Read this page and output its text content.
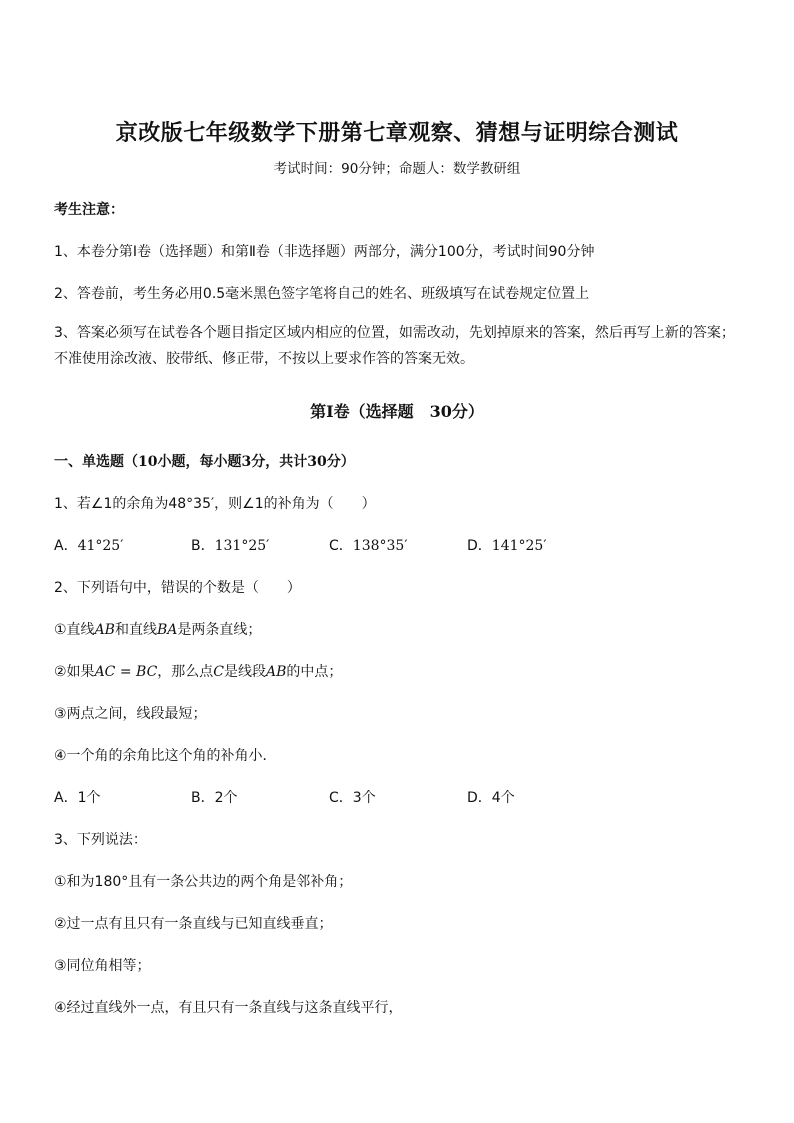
京改版七年级数学下册第七章观察、猜想与证明综合测试
考试时间：90分钟；命题人：数学教研组
考生注意：
1、本卷分第Ⅰ卷（选择题）和第Ⅱ卷（非选择题）两部分，满分100分，考试时间90分钟
2、答卷前，考生务必用0.5毫米黑色签字笔将自己的姓名、班级填写在试卷规定位置上
3、答案必须写在试卷各个题目指定区域内相应的位置，如需改动，先划掉原来的答案，然后再写上新的答案；不准使用涂改液、胶带纸、修正带，不按以上要求作答的答案无效。
第Ⅰ卷（选择题　30分）
一、单选题（10小题，每小题3分，共计30分）
1、若∠1的余角为48°35′，则∠1的补角为（　　）
A．41°25′	B．131°25′	C．138°35′	D．141°25′
2、下列语句中，错误的个数是（　　）
①直线AB和直线BA是两条直线；
②如果AC = BC，那么点C是线段AB的中点；
③两点之间，线段最短；
④一个角的余角比这个角的补角小．
A．1个	B．2个	C．3个	D．4个
3、下列说法：
①和为180°且有一条公共边的两个角是邻补角；
②过一点有且只有一条直线与已知直线垂直；
③同位角相等；
④经过直线外一点，有且只有一条直线与这条直线平行，
